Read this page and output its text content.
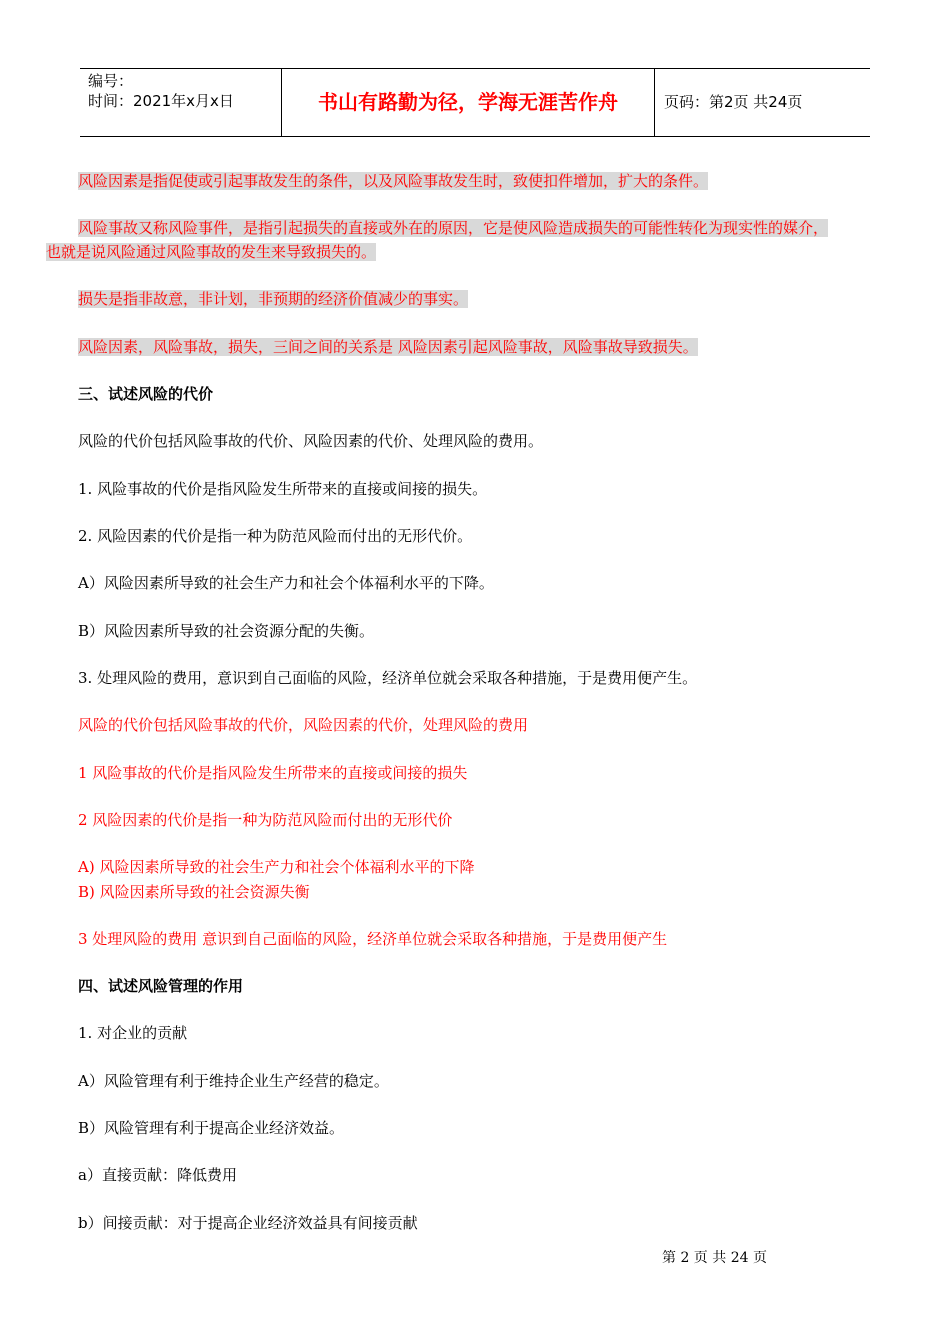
编号：
时间：2021年x月x日	书山有路勤为径，学海无涯苦作舟	页码：第2页 共24页
风险因素是指促使或引起事故发生的条件，以及风险事故发生时，致使扣件增加，扩大的条件。
风险事故又称风险事件，是指引起损失的直接或外在的原因，它是使风险造成损失的可能性转化为现实性的媒介，
也就是说风险通过风险事故的发生来导致损失的。
损失是指非故意，非计划，非预期的经济价值减少的事实。
风险因素，风险事故，损失，三间之间的关系是 风险因素引起风险事故，风险事故导致损失。
三、试述风险的代价
风险的代价包括风险事故的代价、风险因素的代价、处理风险的费用。
1. 风险事故的代价是指风险发生所带来的直接或间接的损失。
2. 风险因素的代价是指一种为防范风险而付出的无形代价。
A）风险因素所导致的社会生产力和社会个体福利水平的下降。
B）风险因素所导致的社会资源分配的失衡。
3. 处理风险的费用，意识到自己面临的风险，经济单位就会采取各种措施，于是费用便产生。
风险的代价包括风险事故的代价，风险因素的代价，处理风险的费用
1 风险事故的代价是指风险发生所带来的直接或间接的损失
2 风险因素的代价是指一种为防范风险而付出的无形代价
A) 风险因素所导致的社会生产力和社会个体福利水平的下降
B) 风险因素所导致的社会资源失衡
3 处理风险的费用 意识到自己面临的风险，经济单位就会采取各种措施，于是费用便产生
四、试述风险管理的作用
1. 对企业的贡献
A）风险管理有利于维持企业生产经营的稳定。
B）风险管理有利于提高企业经济效益。
a）直接贡献：降低费用
b）间接贡献：对于提高企业经济效益具有间接贡献
第 2 页 共 24 页
